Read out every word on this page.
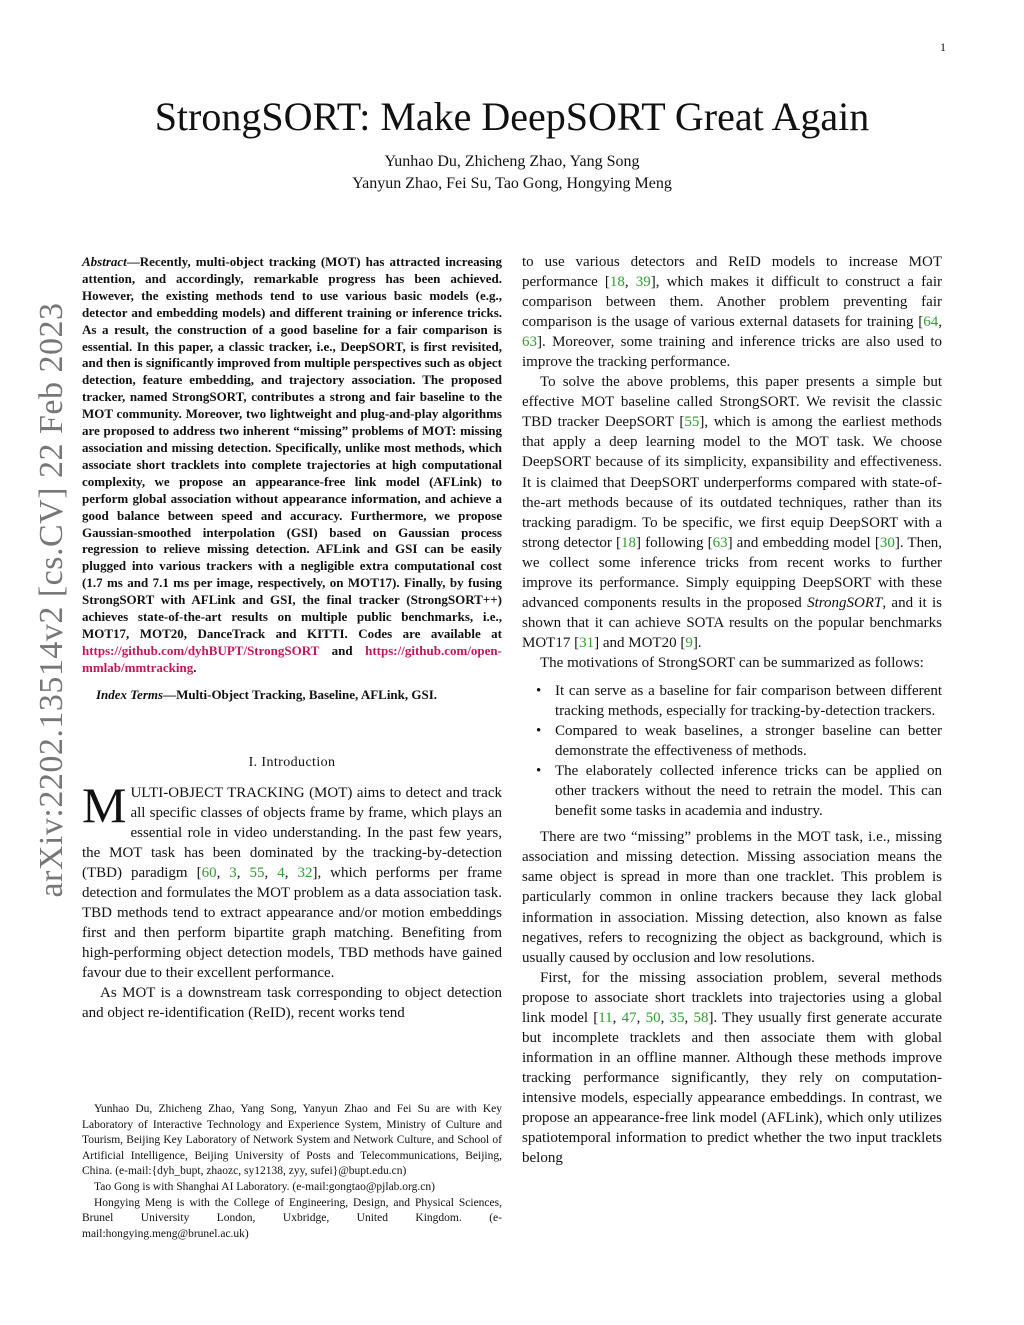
1
arXiv:2202.13514v2 [cs.CV] 22 Feb 2023
StrongSORT: Make DeepSORT Great Again
Yunhao Du, Zhicheng Zhao, Yang Song
Yanyun Zhao, Fei Su, Tao Gong, Hongying Meng

Abstract—Recently, multi-object tracking (MOT) has attracted increasing attention, and accordingly, remarkable progress has been achieved. However, the existing methods tend to use various basic models (e.g., detector and embedding models) and different training or inference tricks. As a result, the construction of a good baseline for a fair comparison is essential. In this paper, a classic tracker, i.e., DeepSORT, is first revisited, and then is significantly improved from multiple perspectives such as object detection, feature embedding, and trajectory association. The proposed tracker, named StrongSORT, contributes a strong and fair baseline to the MOT community. Moreover, two lightweight and plug-and-play algorithms are proposed to address two inherent “missing” problems of MOT: missing association and missing detection. Specifically, unlike most methods, which associate short tracklets into complete trajectories at high computational complexity, we propose an appearance-free link model (AFLink) to perform global association without appearance information, and achieve a good balance between speed and accuracy. Furthermore, we propose Gaussian-smoothed interpolation (GSI) based on Gaussian process regression to relieve missing detection. AFLink and GSI can be easily plugged into various trackers with a negligible extra computational cost (1.7 ms and 7.1 ms per image, respectively, on MOT17). Finally, by fusing StrongSORT with AFLink and GSI, the final tracker (StrongSORT++) achieves state-of-the-art results on multiple public benchmarks, i.e., MOT17, MOT20, DanceTrack and KITTI. Codes are available at https://github.com/dyhBUPT/StrongSORT and https://github.com/open-mmlab/mmtracking.

Index Terms—Multi-Object Tracking, Baseline, AFLink, GSI.

I. Introduction

MULTI-OBJECT TRACKING (MOT) aims to detect and track all specific classes of objects frame by frame, which plays an essential role in video understanding. In the past few years, the MOT task has been dominated by the tracking-by-detection (TBD) paradigm [60, 3, 55, 4, 32], which performs per frame detection and formulates the MOT problem as a data association task. TBD methods tend to extract appearance and/or motion embeddings first and then perform bipartite graph matching. Benefiting from high-performing object detection models, TBD methods have gained favour due to their excellent performance.

As MOT is a downstream task corresponding to object detection and object re-identification (ReID), recent works tend

Yunhao Du, Zhicheng Zhao, Yang Song, Yanyun Zhao and Fei Su are with Key Laboratory of Interactive Technology and Experience System, Ministry of Culture and Tourism, Beijing Key Laboratory of Network System and Network Culture, and School of Artificial Intelligence, Beijing University of Posts and Telecommunications, Beijing, China. (e-mail:{dyh_bupt, zhaozc, sy12138, zyy, sufei}@bupt.edu.cn)

Tao Gong is with Shanghai AI Laboratory. (e-mail:gongtao@pjlab.org.cn)

Hongying Meng is with the College of Engineering, Design, and Physical Sciences, Brunel University London, Uxbridge, United Kingdom. (e-mail:hongying.meng@brunel.ac.uk)

to use various detectors and ReID models to increase MOT performance [18, 39], which makes it difficult to construct a fair comparison between them. Another problem preventing fair comparison is the usage of various external datasets for training [64, 63]. Moreover, some training and inference tricks are also used to improve the tracking performance.

To solve the above problems, this paper presents a simple but effective MOT baseline called StrongSORT. We revisit the classic TBD tracker DeepSORT [55], which is among the earliest methods that apply a deep learning model to the MOT task. We choose DeepSORT because of its simplicity, expansibility and effectiveness. It is claimed that DeepSORT underperforms compared with state-of-the-art methods because of its outdated techniques, rather than its tracking paradigm. To be specific, we first equip DeepSORT with a strong detector [18] following [63] and embedding model [30]. Then, we collect some inference tricks from recent works to further improve its performance. Simply equipping DeepSORT with these advanced components results in the proposed StrongSORT, and it is shown that it can achieve SOTA results on the popular benchmarks MOT17 [31] and MOT20 [9].

The motivations of StrongSORT can be summarized as follows:

• It can serve as a baseline for fair comparison between different tracking methods, especially for tracking-by-detection trackers.
• Compared to weak baselines, a stronger baseline can better demonstrate the effectiveness of methods.
• The elaborately collected inference tricks can be applied on other trackers without the need to retrain the model. This can benefit some tasks in academia and industry.

There are two “missing” problems in the MOT task, i.e., missing association and missing detection. Missing association means the same object is spread in more than one tracklet. This problem is particularly common in online trackers because they lack global information in association. Missing detection, also known as false negatives, refers to recognizing the object as background, which is usually caused by occlusion and low resolutions.

First, for the missing association problem, several methods propose to associate short tracklets into trajectories using a global link model [11, 47, 50, 35, 58]. They usually first generate accurate but incomplete tracklets and then associate them with global information in an offline manner. Although these methods improve tracking performance significantly, they rely on computation-intensive models, especially appearance embeddings. In contrast, we propose an appearance-free link model (AFLink), which only utilizes spatiotemporal information to predict whether the two input tracklets belong
